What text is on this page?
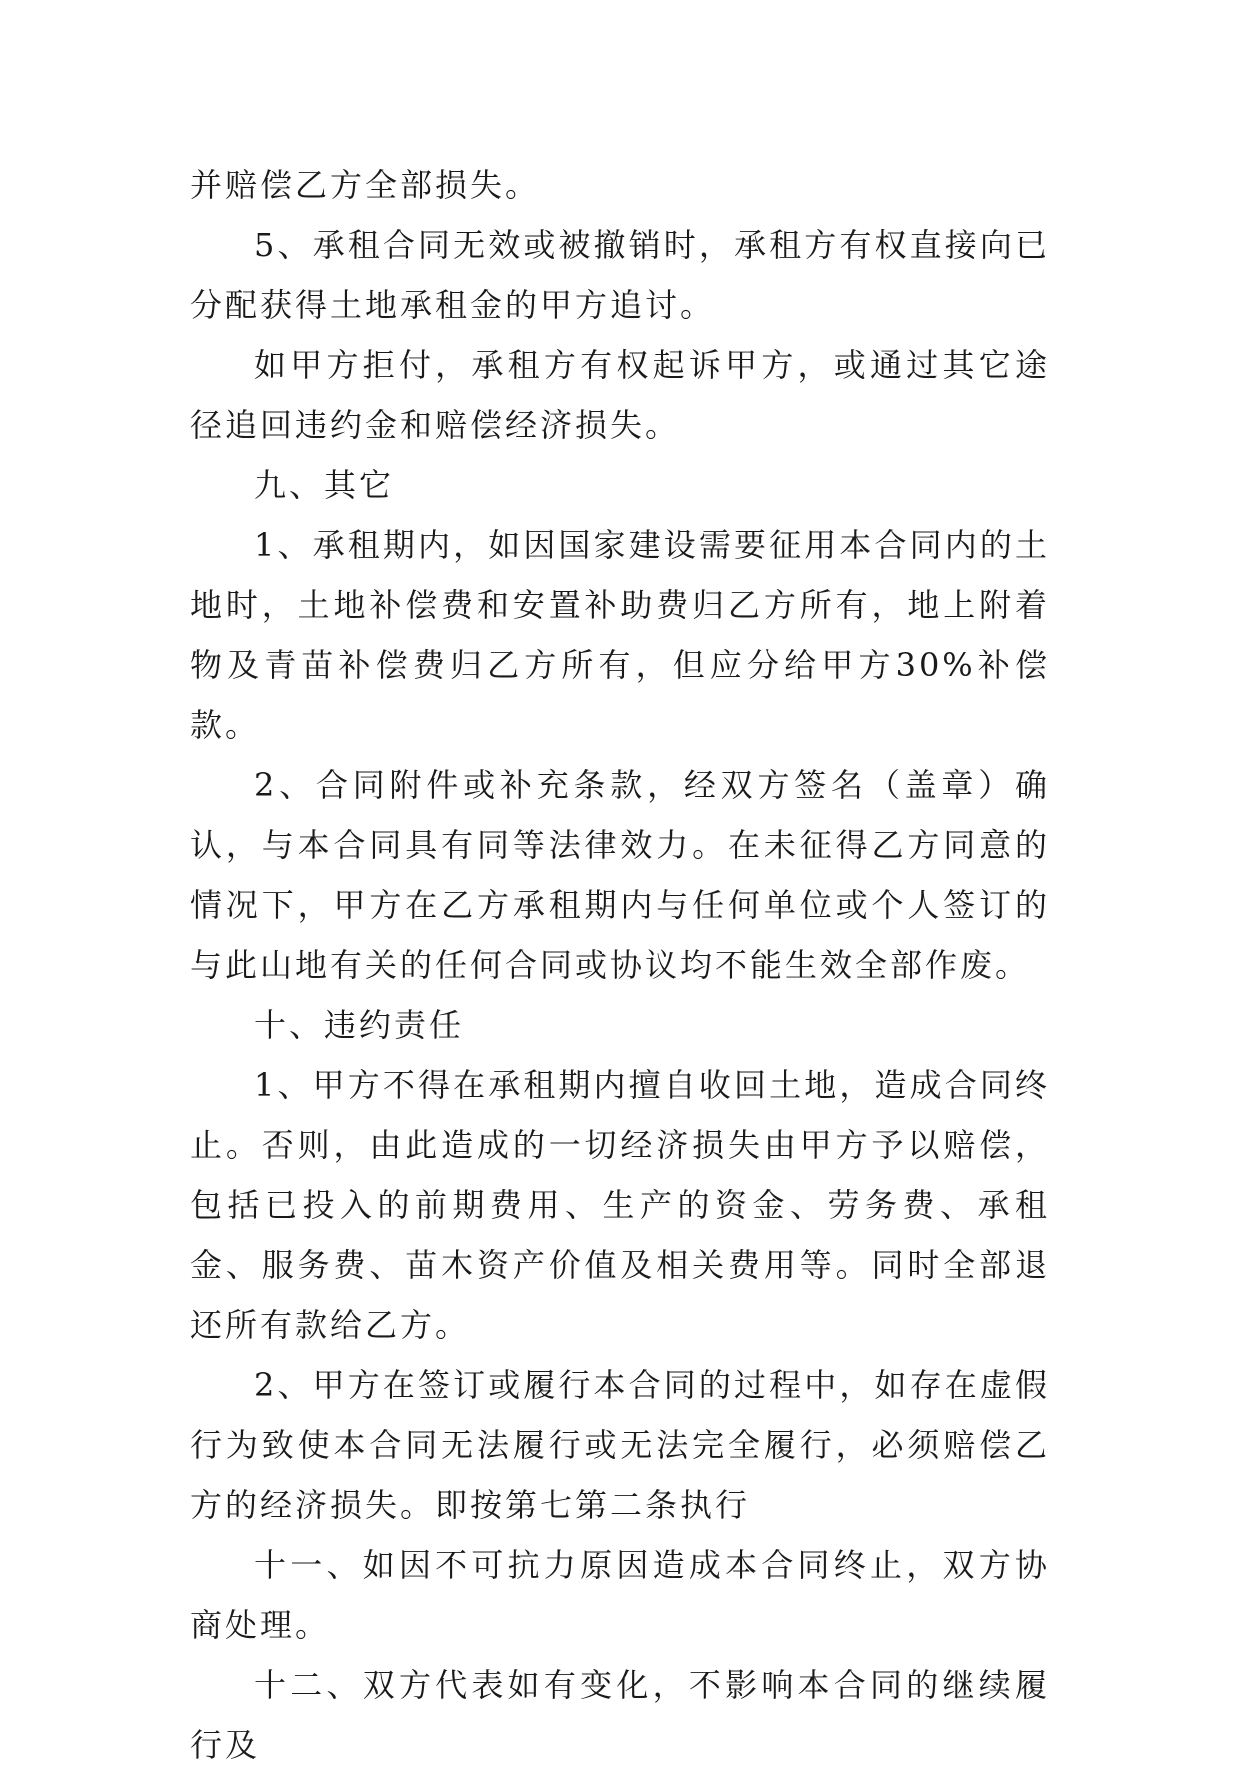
并赔偿乙方全部损失。

5、承租合同无效或被撤销时，承租方有权直接向已分配获得土地承租金的甲方追讨。

如甲方拒付，承租方有权起诉甲方，或通过其它途径追回违约金和赔偿经济损失。

九、其它

1、承租期内，如因国家建设需要征用本合同内的土地时，土地补偿费和安置补助费归乙方所有，地上附着物及青苗补偿费归乙方所有，但应分给甲方30%补偿款。

2、合同附件或补充条款，经双方签名（盖章）确认，与本合同具有同等法律效力。在未征得乙方同意的情况下，甲方在乙方承租期内与任何单位或个人签订的与此山地有关的任何合同或协议均不能生效全部作废。

十、违约责任

1、甲方不得在承租期内擅自收回土地，造成合同终止。否则，由此造成的一切经济损失由甲方予以赔偿，包括已投入的前期费用、生产的资金、劳务费、承租金、服务费、苗木资产价值及相关费用等。同时全部退还所有款给乙方。

2、甲方在签订或履行本合同的过程中，如存在虚假行为致使本合同无法履行或无法完全履行，必须赔偿乙方的经济损失。即按第七第二条执行

十一、如因不可抗力原因造成本合同终止，双方协商处理。

十二、双方代表如有变化，不影响本合同的继续履行及
